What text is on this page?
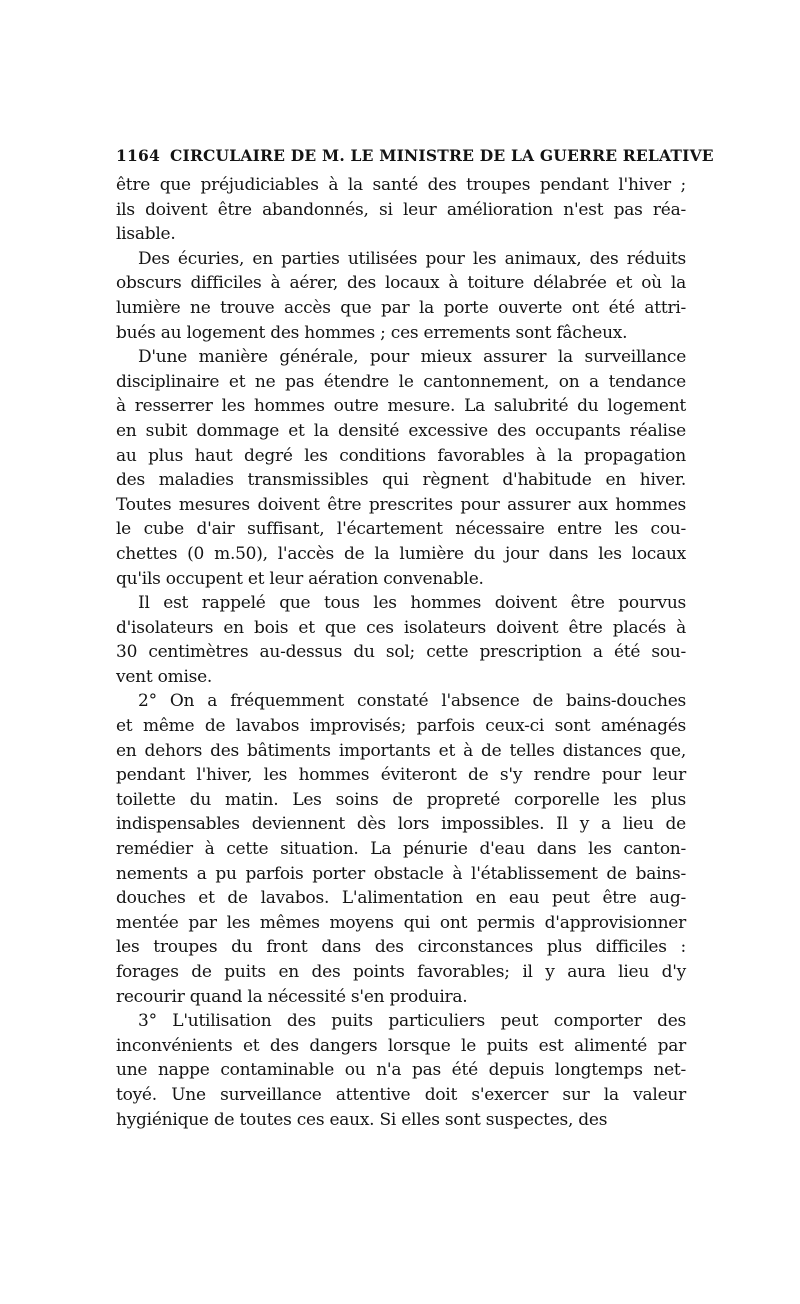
1164 CIRCULAIRE DE M. LE MINISTRE DE LA GUERRE RELATIVE

être que préjudiciables à la santé des troupes pendant l'hiver ;
ils doivent être abandonnés, si leur amélioration n'est pas réa-
lisable.

Des écuries, en parties utilisées pour les animaux, des réduits
obscurs difficiles à aérer, des locaux à toiture délabrée et où la
lumière ne trouve accès que par la porte ouverte ont été attri-
bués au logement des hommes ; ces errements sont fâcheux.

D'une manière générale, pour mieux assurer la surveillance
disciplinaire et ne pas étendre le cantonnement, on a tendance
à resserrer les hommes outre mesure. La salubrité du logement
en subit dommage et la densité excessive des occupants réalise
au plus haut degré les conditions favorables à la propagation
des maladies transmissibles qui règnent d'habitude en hiver.
Toutes mesures doivent être prescrites pour assurer aux hommes
le cube d'air suffisant, l'écartement nécessaire entre les cou-
chettes (0 m.50), l'accès de la lumière du jour dans les locaux
qu'ils occupent et leur aération convenable.

Il est rappelé que tous les hommes doivent être pourvus
d'isolateurs en bois et que ces isolateurs doivent être placés à
30 centimètres au-dessus du sol; cette prescription a été sou-
vent omise.

2° On a fréquemment constaté l'absence de bains-douches
et même de lavabos improvisés; parfois ceux-ci sont aménagés
en dehors des bâtiments importants et à de telles distances que,
pendant l'hiver, les hommes éviteront de s'y rendre pour leur
toilette du matin. Les soins de propreté corporelle les plus
indispensables deviennent dès lors impossibles. Il y a lieu de
remédier à cette situation. La pénurie d'eau dans les canton-
nements a pu parfois porter obstacle à l'établissement de bains-
douches et de lavabos. L'alimentation en eau peut être aug-
mentée par les mêmes moyens qui ont permis d'approvisionner
les troupes du front dans des circonstances plus difficiles :
forages de puits en des points favorables; il y aura lieu d'y
recourir quand la nécessité s'en produira.

3° L'utilisation des puits particuliers peut comporter des
inconvénients et des dangers lorsque le puits est alimenté par
une nappe contaminable ou n'a pas été depuis longtemps net-
toyé. Une surveillance attentive doit s'exercer sur la valeur
hygiénique de toutes ces eaux. Si elles sont suspectes, des
